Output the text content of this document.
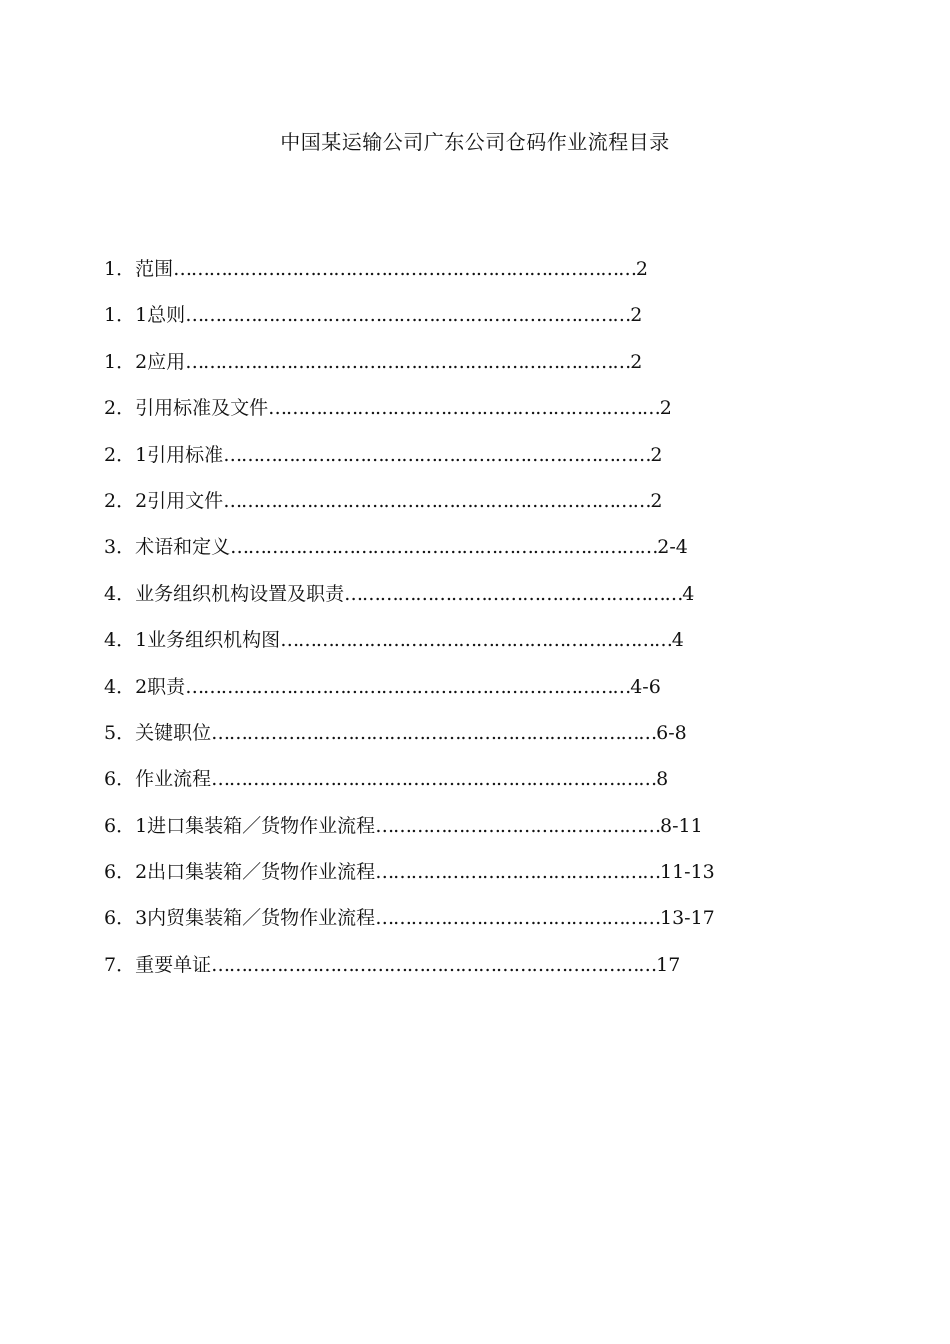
中国某运输公司广东公司仓码作业流程目录
1．范围……………………………………………………………………2
1．1总则…………………………………………………………………2
1．2应用…………………………………………………………………2
2．引用标准及文件…………………………………………………………2
2．1引用标准………………………………………………………………2
2．2引用文件………………………………………………………………2
3．术语和定义………………………………………………………………2-4
4．业务组织机构设置及职责…………………………………………………4
4．1业务组织机构图…………………………………………………………4
4．2职责…………………………………………………………………4-6
5．关键职位…………………………………………………………………6-8
6．作业流程…………………………………………………………………8
6．1进口集装箱／货物作业流程…………………………………………8-11
6．2出口集装箱／货物作业流程…………………………………………11-13
6．3内贸集装箱／货物作业流程…………………………………………13-17
7．重要单证…………………………………………………………………17
